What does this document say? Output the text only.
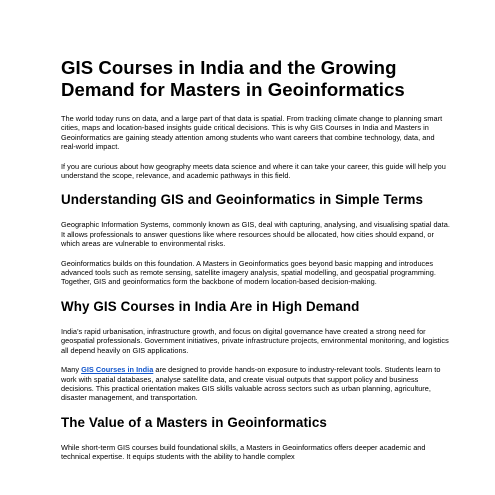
GIS Courses in India and the Growing Demand for Masters in Geoinformatics

The world today runs on data, and a large part of that data is spatial. From tracking climate change to planning smart cities, maps and location-based insights guide critical decisions. This is why GIS Courses in India and Masters in Geoinformatics are gaining steady attention among students who want careers that combine technology, data, and real-world impact.

If you are curious about how geography meets data science and where it can take your career, this guide will help you understand the scope, relevance, and academic pathways in this field.

Understanding GIS and Geoinformatics in Simple Terms

Geographic Information Systems, commonly known as GIS, deal with capturing, analysing, and visualising spatial data. It allows professionals to answer questions like where resources should be allocated, how cities should expand, or which areas are vulnerable to environmental risks.

Geoinformatics builds on this foundation. A Masters in Geoinformatics goes beyond basic mapping and introduces advanced tools such as remote sensing, satellite imagery analysis, spatial modelling, and geospatial programming. Together, GIS and geoinformatics form the backbone of modern location-based decision-making.

Why GIS Courses in India Are in High Demand

India’s rapid urbanisation, infrastructure growth, and focus on digital governance have created a strong need for geospatial professionals. Government initiatives, private infrastructure projects, environmental monitoring, and logistics all depend heavily on GIS applications.

Many GIS Courses in India are designed to provide hands-on exposure to industry-relevant tools. Students learn to work with spatial databases, analyse satellite data, and create visual outputs that support policy and business decisions. This practical orientation makes GIS skills valuable across sectors such as urban planning, agriculture, disaster management, and transportation.

The Value of a Masters in Geoinformatics

While short-term GIS courses build foundational skills, a Masters in Geoinformatics offers deeper academic and technical expertise. It equips students with the ability to handle complex
